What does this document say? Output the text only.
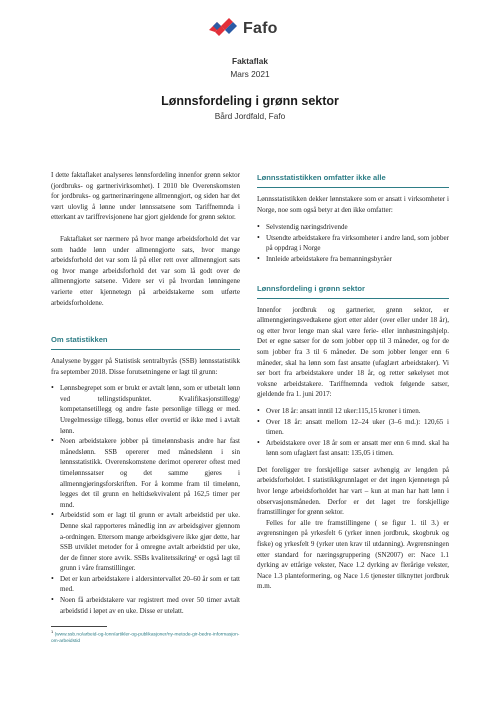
Fafo
Faktaflak
Mars 2021
Lønnsfordeling i grønn sektor
Bård Jordfald, Fafo

I dette faktaflaket analyseres lønnsfordeling innenfor grønn sektor (jordbruks- og gartnerivirksomhet). I 2010 ble Overenskomsten for jordbruks- og gartnerinæringene allmenngjort, og siden har det vært ulovlig å lønne under lønnssatsene som Tariffnemnda i etterkant av tariffrevisjonene har gjort gjeldende for grønn sektor.

Faktaflaket ser nærmere på hvor mange arbeidsforhold det var som hadde lønn under allmenngjorte sats, hvor mange arbeidsforhold det var som lå på eller rett over allmenngjort sats og hvor mange arbeidsforhold det var som lå godt over de allmenngjorte satsene. Videre ser vi på hvordan lønningene varierte etter kjennetegn på arbeidstakerne som utførte arbeidsforholdene.

Om statistikken

Analysene bygger på Statistisk sentralbyrås (SSB) lønnsstatistikk fra september 2018. Disse forutsetningene er lagt til grunn:

• Lønnsbegrepet som er brukt er avtalt lønn, som er utbetalt lønn ved tellingstidspunktet. Kvalifikasjonstillegg/ kompetansetillegg og andre faste personlige tillegg er med. Uregelmessige tillegg, bonus eller overtid er ikke med i avtalt lønn.
• Noen arbeidstakere jobber på timelønnsbasis andre har fast månedslønn. SSB opererer med månedslønn i sin lønnsstatistikk. Overenskomstene derimot opererer oftest med timelønnssatser og det samme gjøres i allmenngjøringsforskriften. For å komme fram til timelønn, legges det til grunn en heltidsekvivalent på 162,5 timer per mnd.
• Arbeidstid som er lagt til grunn er avtalt arbeidstid per uke. Denne skal rapporteres månedlig inn av arbeidsgiver gjennom a-ordningen. Ettersom mange arbeidsgivere ikke gjør dette, har SSB utviklet metoder for å omregne avtalt arbeidstid per uke, der de finner store avvik. SSBs kvalitetssikring¹ er også lagt til grunn i våre framstillinger.
• Det er kun arbeidstakere i aldersintervallet 20–60 år som er tatt med.
• Noen få arbeidstakere var registrert med over 50 timer avtalt arbeidstid i løpet av en uke. Disse er utelatt.
Lønnsstatistikken omfatter ikke alle

Lønnsstatistikken dekker lønnstakere som er ansatt i virksomheter i Norge, noe som også betyr at den ikke omfatter:

• Selvstendig næringsdrivende
• Utsendte arbeidstakere fra virksomheter i andre land, som jobber på oppdrag i Norge
• Innleide arbeidstakere fra bemanningsbyråer
Lønnsfordeling i grønn sektor

Innenfor jordbruk og gartnerier, grønn sektor, er allmenngjøringsvedtakene gjort etter alder (over eller under 18 år), og etter hvor lenge man skal være ferie- eller innhøstningshjelp. Det er egne satser for de som jobber opp til 3 måneder, og for de som jobber fra 3 til 6 måneder. De som jobber lenger enn 6 måneder, skal ha lønn som fast ansatte (ufaglært arbeidstaker). Vi ser bort fra arbeidstakere under 18 år, og retter søkelyset mot voksne arbeidstakere. Tariffnemnda vedtok følgende satser, gjeldende fra 1. juni 2017:

• Over 18 år: ansatt inntil 12 uker:115,15 kroner i timen.
• Over 18 år: ansatt mellom 12–24 uker (3–6 md.): 120,65 i timen.
• Arbeidstakere over 18 år som er ansatt mer enn 6 mnd. skal ha lønn som ufaglært fast ansatt: 135,05 i timen.

Det foreligger tre forskjellige satser avhengig av lengden på arbeidsforholdet. I statistikkgrunnlaget er det ingen kjennetegn på hvor lenge arbeidsforholdet har vart – kun at man har hatt lønn i observasjonsmåneden. Derfor er det laget tre forskjellige framstillinger for grønn sektor.

Felles for alle tre framstillingene ( se figur 1. til 3.) er avgrensningen på yrkesfelt 6 (yrker innen jordbruk, skogbruk og fiske) og yrkesfelt 9 (yrker uten krav til utdanning). Avgrensningen etter standard for næringsgruppering (SN2007) er: Nace 1.1 dyrking av ettårige vekster, Nace 1.2 dyrking av flerårige vekster, Nace 1.3 planteformering, og Nace 1.6 tjenester tilknyttet jordbruk m.m.

$^1$ (www.ssb.no/arbeid-og-lonn/artikler-og-publikasjoner/ny-metode-gir-bedre-informasjon-om-arbeidstid
